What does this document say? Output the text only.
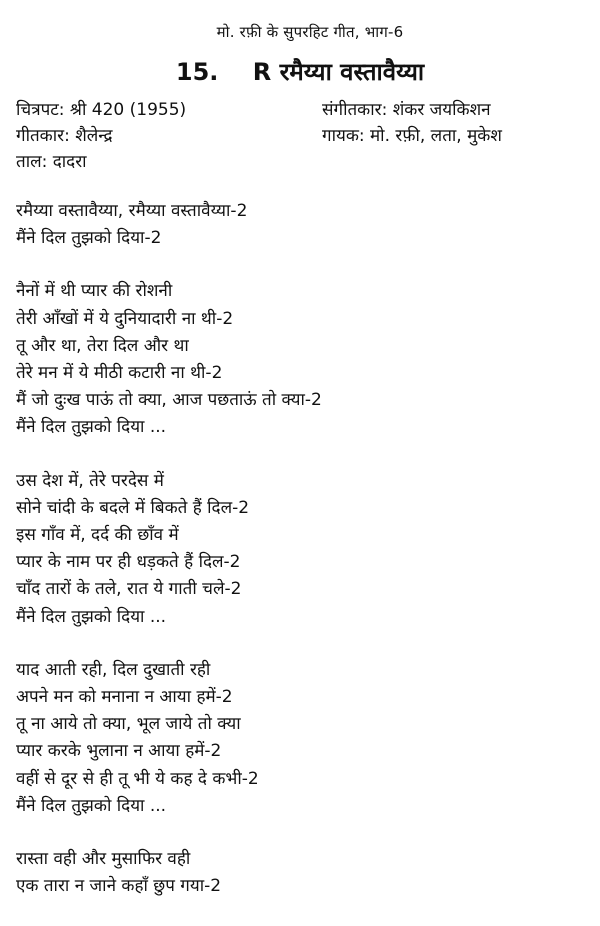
मो. रफ़ी के सुपरहिट गीत, भाग-6
15. R रमैय्या वस्तावैय्या
चित्रपट: श्री 420 (1955)
गीतकार: शैलेन्द्र
ताल: दादरा
संगीतकार: शंकर जयकिशन
गायक: मो. रफ़ी, लता, मुकेश
रमैय्या वस्तावैय्या, रमैय्या वस्तावैय्या-2
मैंने दिल तुझको दिया-2
नैनों में थी प्यार की रोशनी
तेरी आँखों में ये दुनियादारी ना थी-2
तू और था, तेरा दिल और था
तेरे मन में ये मीठी कटारी ना थी-2
मैं जो दुःख पाऊं तो क्या, आज पछताऊं तो क्या-2
मैंने दिल तुझको दिया ...
उस देश में, तेरे परदेस में
सोने चांदी के बदले में बिकते हैं दिल-2
इस गाँव में, दर्द की छाँव में
प्यार के नाम पर ही धड़कते हैं दिल-2
चाँद तारों के तले, रात ये गाती चले-2
मैंने दिल तुझको दिया ...
याद आती रही, दिल दुखाती रही
अपने मन को मनाना न आया हमें-2
तू ना आये तो क्या, भूल जाये तो क्या
प्यार करके भुलाना न आया हमें-2
वहीं से दूर से ही तू भी ये कह दे कभी-2
मैंने दिल तुझको दिया ...
रास्ता वही और मुसाफिर वही
एक तारा न जाने कहाँ छुप गया-2
